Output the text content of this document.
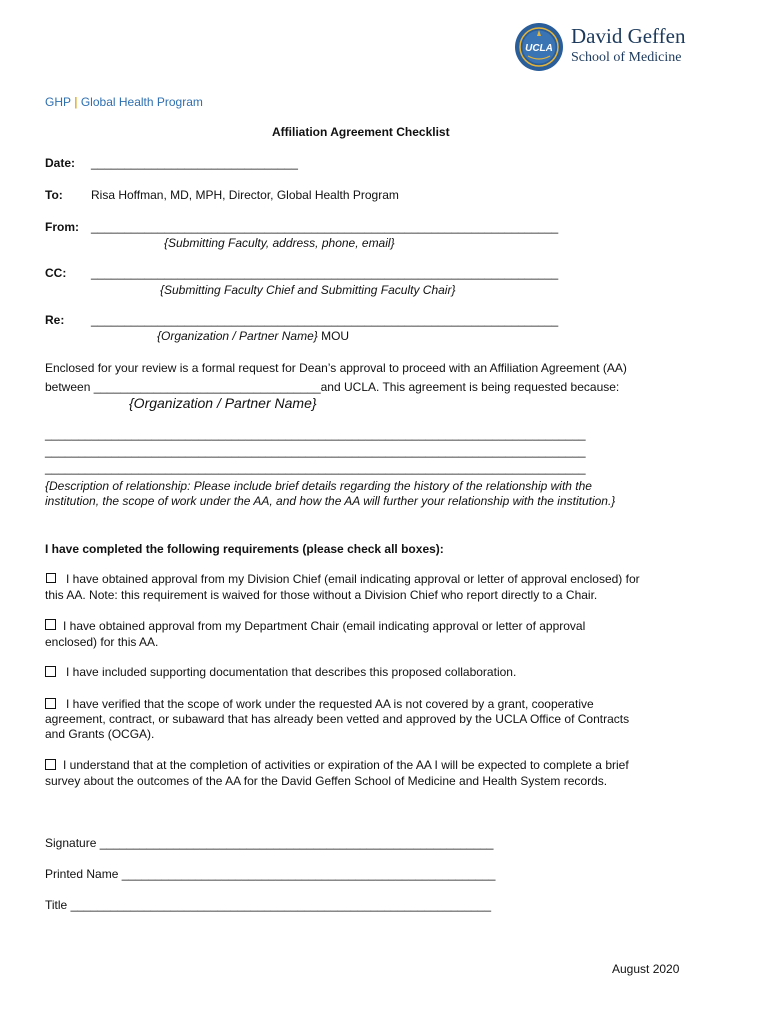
UCLA
David Geffen
School of Medicine
GHP | Global Health Program
Affiliation Agreement Checklist
Date: _______________________________
To: Risa Hoffman, MD, MPH, Director, Global Health Program
From: ______________________________________________________________________
{Submitting Faculty, address, phone, email}
CC: ______________________________________________________________________
{Submitting Faculty Chief and Submitting Faculty Chair}
Re: ______________________________________________________________________
{Organization / Partner Name} MOU
Enclosed for your review is a formal request for Dean’s approval to proceed with an Affiliation Agreement (AA)
between __________________________________and UCLA. This agreement is being requested because:
{Organization / Partner Name}
_________________________________________________________________________________
_________________________________________________________________________________
_________________________________________________________________________________
{Description of relationship: Please include brief details regarding the history of the relationship with the
institution, the scope of work under the AA, and how the AA will further your relationship with the institution.}
I have completed the following requirements (please check all boxes):
I have obtained approval from my Division Chief (email indicating approval or letter of approval enclosed) for
this AA. Note: this requirement is waived for those without a Division Chief who report directly to a Chair.
I have obtained approval from my Department Chair (email indicating approval or letter of approval
enclosed) for this AA.
I have included supporting documentation that describes this proposed collaboration.
I have verified that the scope of work under the requested AA is not covered by a grant, cooperative
agreement, contract, or subaward that has already been vetted and approved by the UCLA Office of Contracts
and Grants (OCGA).
I understand that at the completion of activities or expiration of the AA I will be expected to complete a brief
survey about the outcomes of the AA for the David Geffen School of Medicine and Health System records.
Signature ___________________________________________________________
Printed Name ________________________________________________________
Title _______________________________________________________________
August 2020
